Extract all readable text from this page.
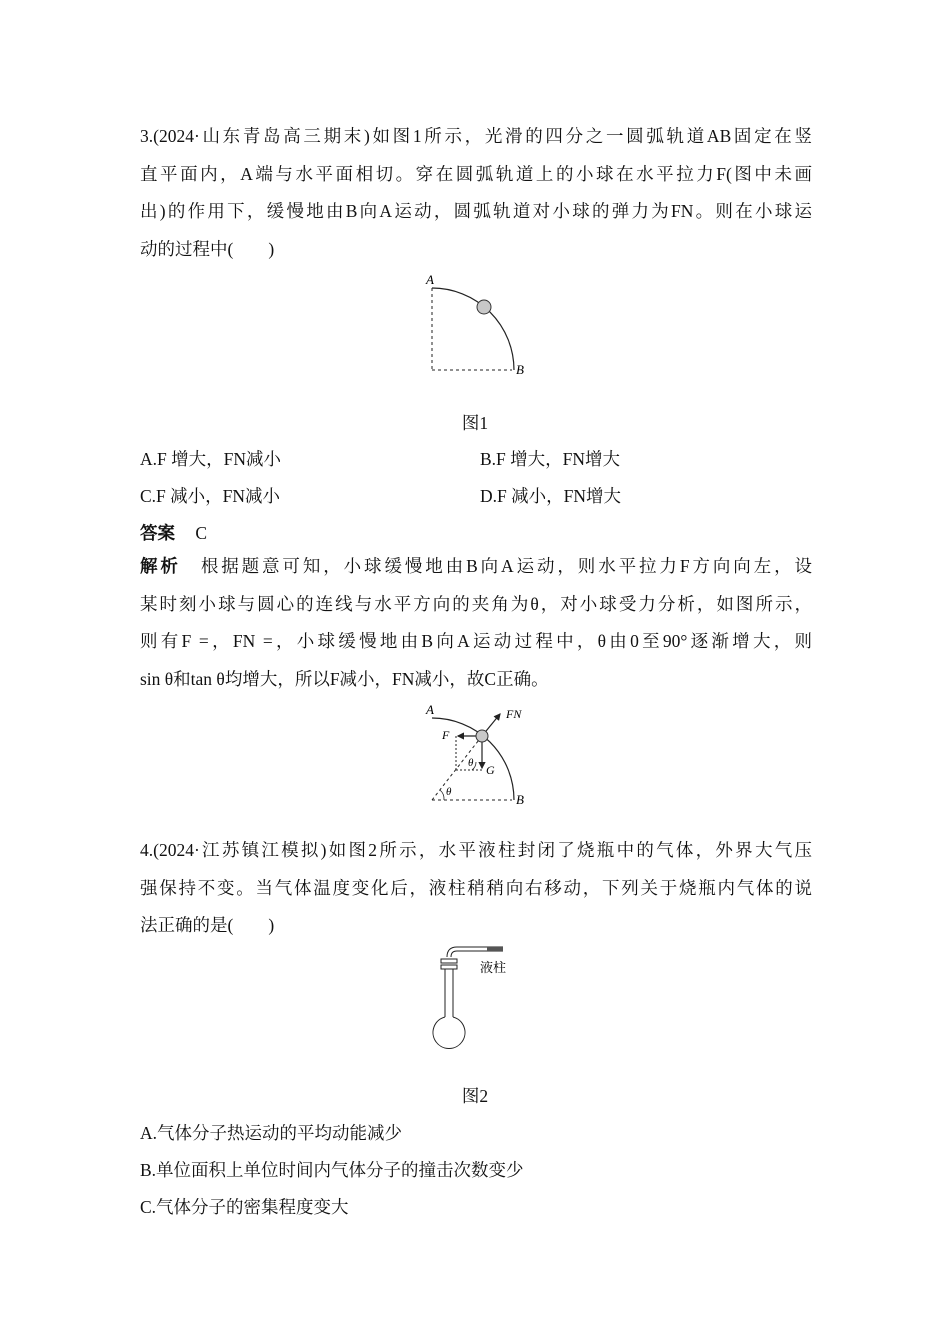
3.(2024·山东青岛高三期末)如图1所示，光滑的四分之一圆弧轨道AB固定在竖

直平面内，A端与水平面相切。穿在圆弧轨道上的小球在水平拉力F(图中未画

出)的作用下，缓慢地由B向A运动，圆弧轨道对小球的弹力为FN。则在小球运

动的过程中(　　)

A
B
图1
A.F 增大，FN减小	B.F 增大，FN增大
C.F 减小，FN减小	D.F 减小，FN增大
答案 C

解析 根据题意可知，小球缓慢地由B向A运动，则水平拉力F方向向左，设

某时刻小球与圆心的连线与水平方向的夹角为θ，对小球受力分析，如图所示，

则有F =，FN =，小球缓慢地由B向A运动过程中，θ由0至90°逐渐增大，则

sin θ和tan θ均增大，所以F减小，FN减小，故C正确。

A
B
FN
F
G
θ
θ

4.(2024·江苏镇江模拟)如图2所示，水平液柱封闭了烧瓶中的气体，外界大气压

强保持不变。当气体温度变化后，液柱稍稍向右移动，下列关于烧瓶内气体的说

法正确的是(　　)

液柱
图2
A.气体分子热运动的平均动能减少
B.单位面积上单位时间内气体分子的撞击次数变少
C.气体分子的密集程度变大
